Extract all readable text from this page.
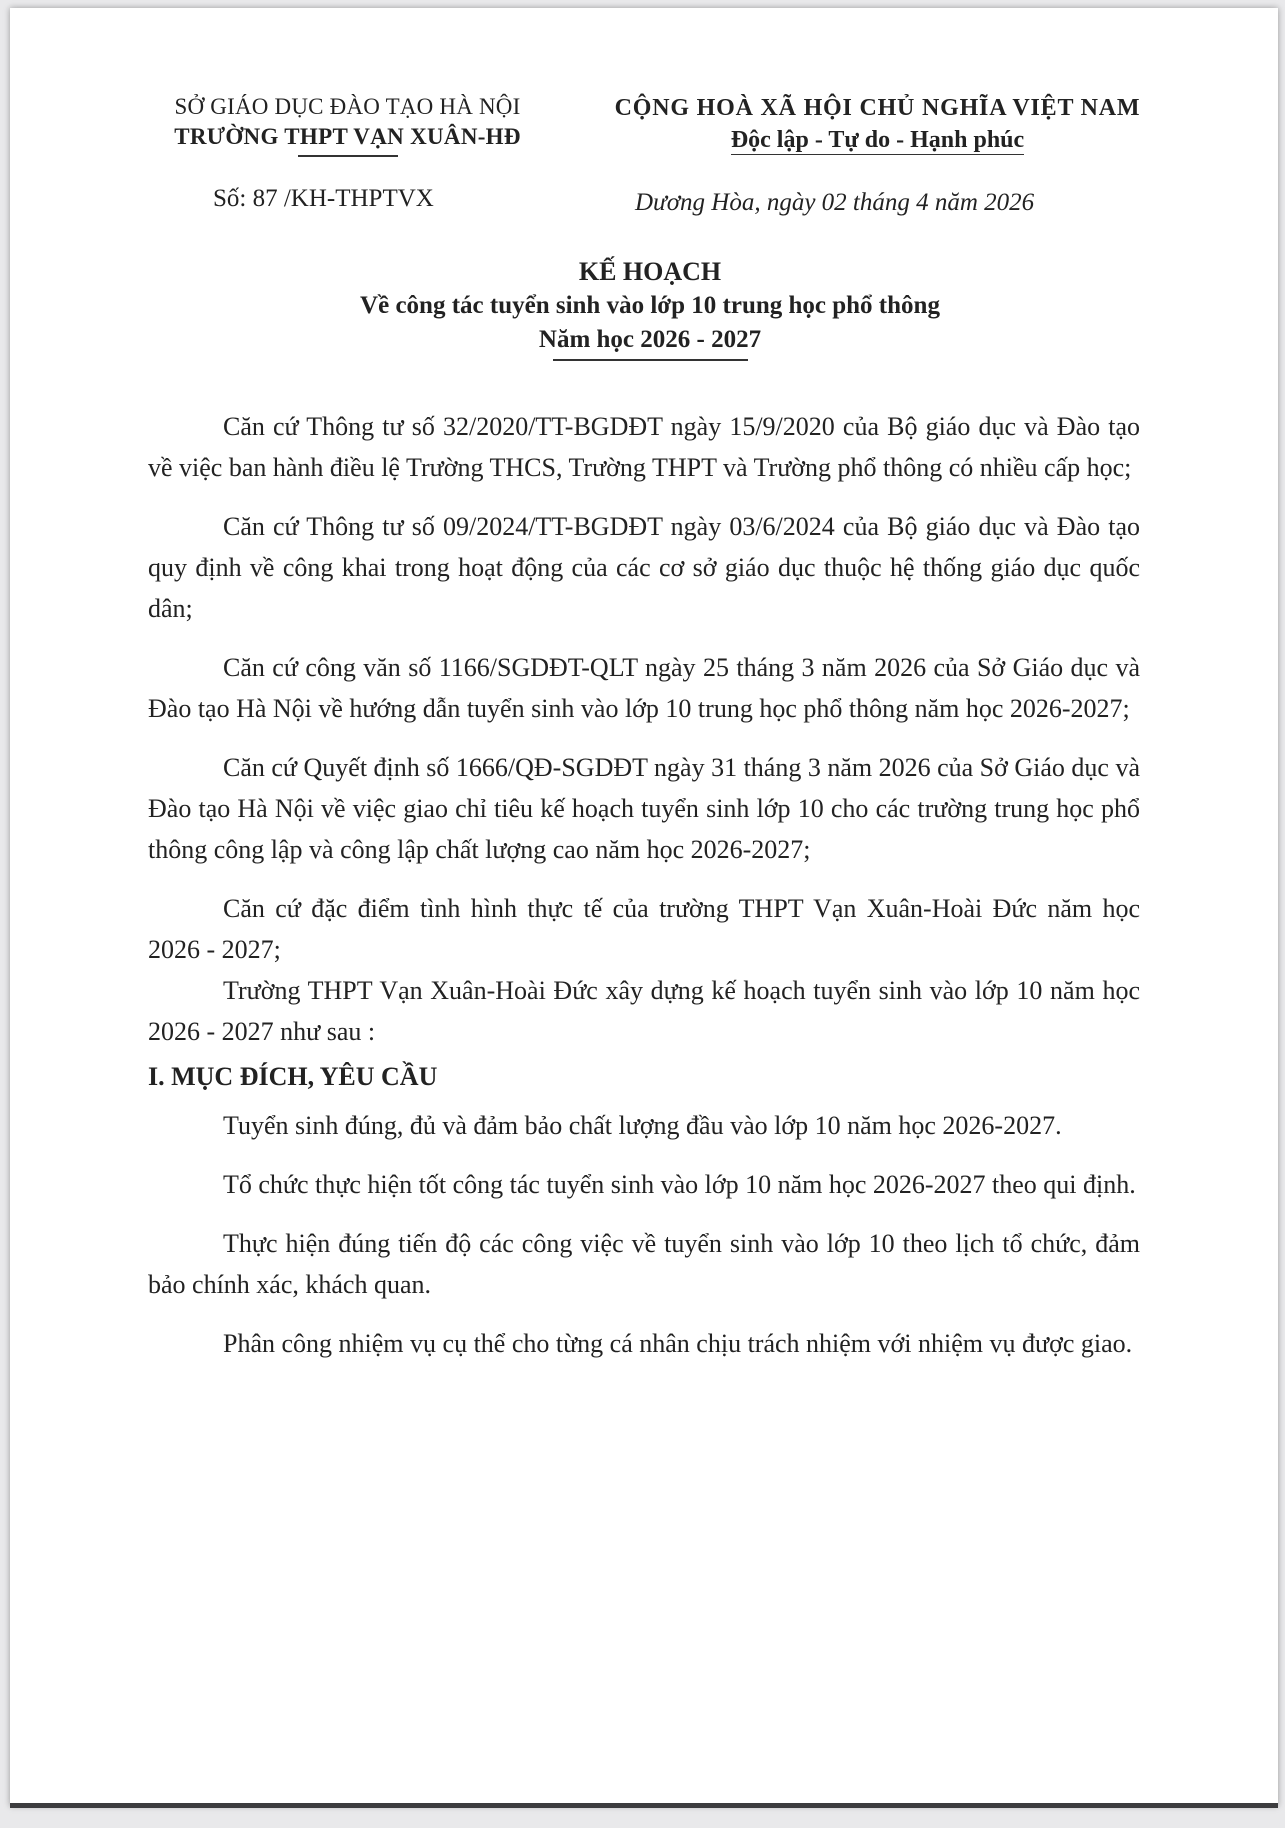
SỞ GIÁO DỤC ĐÀO TẠO HÀ NỘI
TRƯỜNG THPT VẠN XUÂN-HĐ
CỘNG HOÀ XÃ HỘI CHỦ NGHĨA VIỆT NAM
Độc lập - Tự do - Hạnh phúc
Số: 87 /KH-THPTVX	Dương Hòa, ngày 02 tháng 4 năm 2026
KẾ HOẠCH
Về công tác tuyển sinh vào lớp 10 trung học phổ thông
Năm học 2026 - 2027

Căn cứ Thông tư số 32/2020/TT-BGDĐT ngày 15/9/2020 của Bộ giáo dục và Đào tạo về việc ban hành điều lệ Trường THCS, Trường THPT và Trường phổ thông có nhiều cấp học;

Căn cứ Thông tư số 09/2024/TT-BGDĐT ngày 03/6/2024 của Bộ giáo dục và Đào tạo quy định về công khai trong hoạt động của các cơ sở giáo dục thuộc hệ thống giáo dục quốc dân;

Căn cứ công văn số 1166/SGDĐT-QLT ngày 25 tháng 3 năm 2026 của Sở Giáo dục và Đào tạo Hà Nội về hướng dẫn tuyển sinh vào lớp 10 trung học phổ thông năm học 2026-2027;

Căn cứ Quyết định số 1666/QĐ-SGDĐT ngày 31 tháng 3 năm 2026 của Sở Giáo dục và Đào tạo Hà Nội về việc giao chỉ tiêu kế hoạch tuyển sinh lớp 10 cho các trường trung học phổ thông công lập và công lập chất lượng cao năm học 2026-2027;

Căn cứ đặc điểm tình hình thực tế của trường THPT Vạn Xuân-Hoài Đức năm học 2026 - 2027;

Trường THPT Vạn Xuân-Hoài Đức xây dựng kế hoạch tuyển sinh vào lớp 10 năm học 2026 - 2027 như sau :

I. MỤC ĐÍCH, YÊU CẦU

Tuyển sinh đúng, đủ và đảm bảo chất lượng đầu vào lớp 10 năm học 2026-2027.

Tổ chức thực hiện tốt công tác tuyển sinh vào lớp 10 năm học 2026-2027 theo qui định.

Thực hiện đúng tiến độ các công việc về tuyển sinh vào lớp 10 theo lịch tổ chức, đảm bảo chính xác, khách quan.

Phân công nhiệm vụ cụ thể cho từng cá nhân chịu trách nhiệm với nhiệm vụ được giao.
